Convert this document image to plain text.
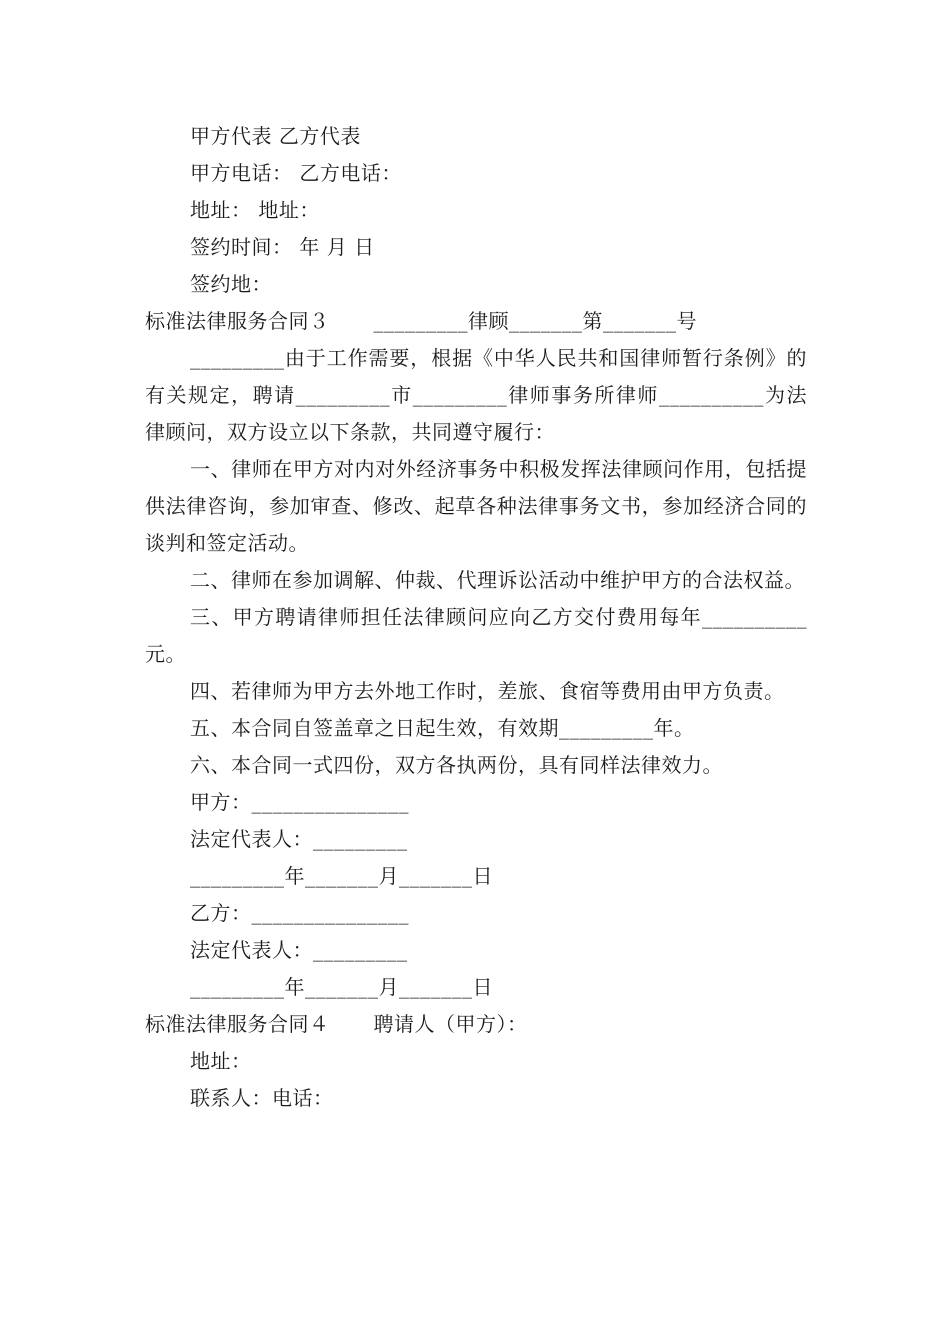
甲方代表 乙方代表

甲方电话： 乙方电话：

地址： 地址：

签约时间： 年 月 日

签约地：

标准法律服务合同３ _________律顾_______第_______号

_________由于工作需要，根据《中华人民共和国律师暂行条例》的有关规定，聘请_________市_________律师事务所律师__________为法律顾问，双方设立以下条款，共同遵守履行：

一、律师在甲方对内对外经济事务中积极发挥法律顾问作用，包括提供法律咨询，参加审查、修改、起草各种法律事务文书，参加经济合同的谈判和签定活动。

二、律师在参加调解、仲裁、代理诉讼活动中维护甲方的合法权益。

三、甲方聘请律师担任法律顾问应向乙方交付费用每年__________元。

四、若律师为甲方去外地工作时，差旅、食宿等费用由甲方负责。

五、本合同自签盖章之日起生效，有效期_________年。

六、本合同一式四份，双方各执两份，具有同样法律效力。

甲方：_______________

法定代表人：_________

_________年_______月_______日

乙方：_______________

法定代表人：_________

_________年_______月_______日

标准法律服务合同４ 聘请人（甲方）：

地址：

联系人：电话：
